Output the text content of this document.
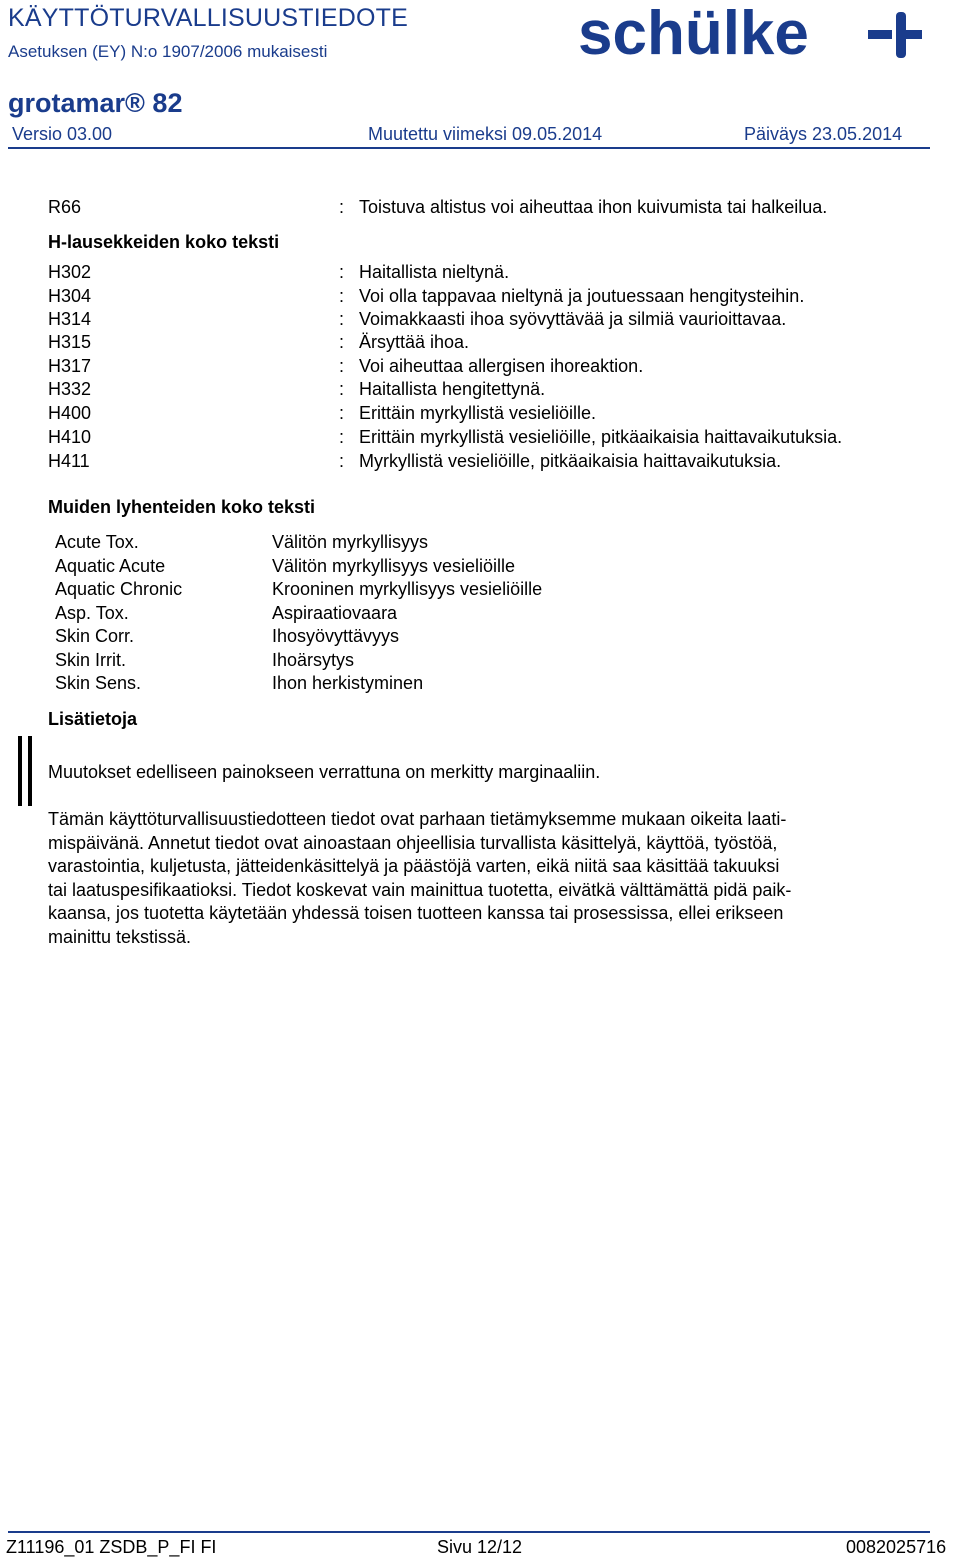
KÄYTTÖTURVALLISUUSTIEDOTE
Asetuksen (EY) N:o 1907/2006 mukaisesti	schülke
grotamar® 82
Versio 03.00	Muutettu viimeksi 09.05.2014	Päiväys 23.05.2014
R66	: Toistuva altistus voi aiheuttaa ihon kuivumista tai halkeilua.
H-lausekkeiden koko teksti
H302	: Haitallista nieltynä.
H304	: Voi olla tappavaa nieltynä ja joutuessaan hengitysteihin.
H314	: Voimakkaasti ihoa syövyttävää ja silmiä vaurioittavaa.
H315	: Ärsyttää ihoa.
H317	: Voi aiheuttaa allergisen ihoreaktion.
H332	: Haitallista hengitettynä.
H400	: Erittäin myrkyllistä vesieliöille.
H410	: Erittäin myrkyllistä vesieliöille, pitkäaikaisia haittavaikutuksia.
H411	: Myrkyllistä vesieliöille, pitkäaikaisia haittavaikutuksia.
Muiden lyhenteiden koko teksti
Acute Tox.	Välitön myrkyllisyys
Aquatic Acute	Välitön myrkyllisyys vesieliöille
Aquatic Chronic	Krooninen myrkyllisyys vesieliöille
Asp. Tox.	Aspiraatiovaara
Skin Corr.	Ihosyövyttävyys
Skin Irrit.	Ihoärsytys
Skin Sens.	Ihon herkistyminen
Lisätietoja
Muutokset edelliseen painokseen verrattuna on merkitty marginaaliin.
Tämän käyttöturvallisuustiedotteen tiedot ovat parhaan tietämyksemme mukaan oikeita laati-
mispäivänä. Annetut tiedot ovat ainoastaan ohjeellisia turvallista käsittelyä, käyttöä, työstöä,
varastointia, kuljetusta, jätteidenkäsittelyä ja päästöjä varten, eikä niitä saa käsittää takuuksi
tai laatuspesifikaatioksi. Tiedot koskevat vain mainittua tuotetta, eivätkä välttämättä pidä paik-
kaansa, jos tuotetta käytetään yhdessä toisen tuotteen kanssa tai prosessissa, ellei erikseen
mainittu tekstissä.
Z11196_01 ZSDB_P_FI FI	Sivu 12/12	0082025716
